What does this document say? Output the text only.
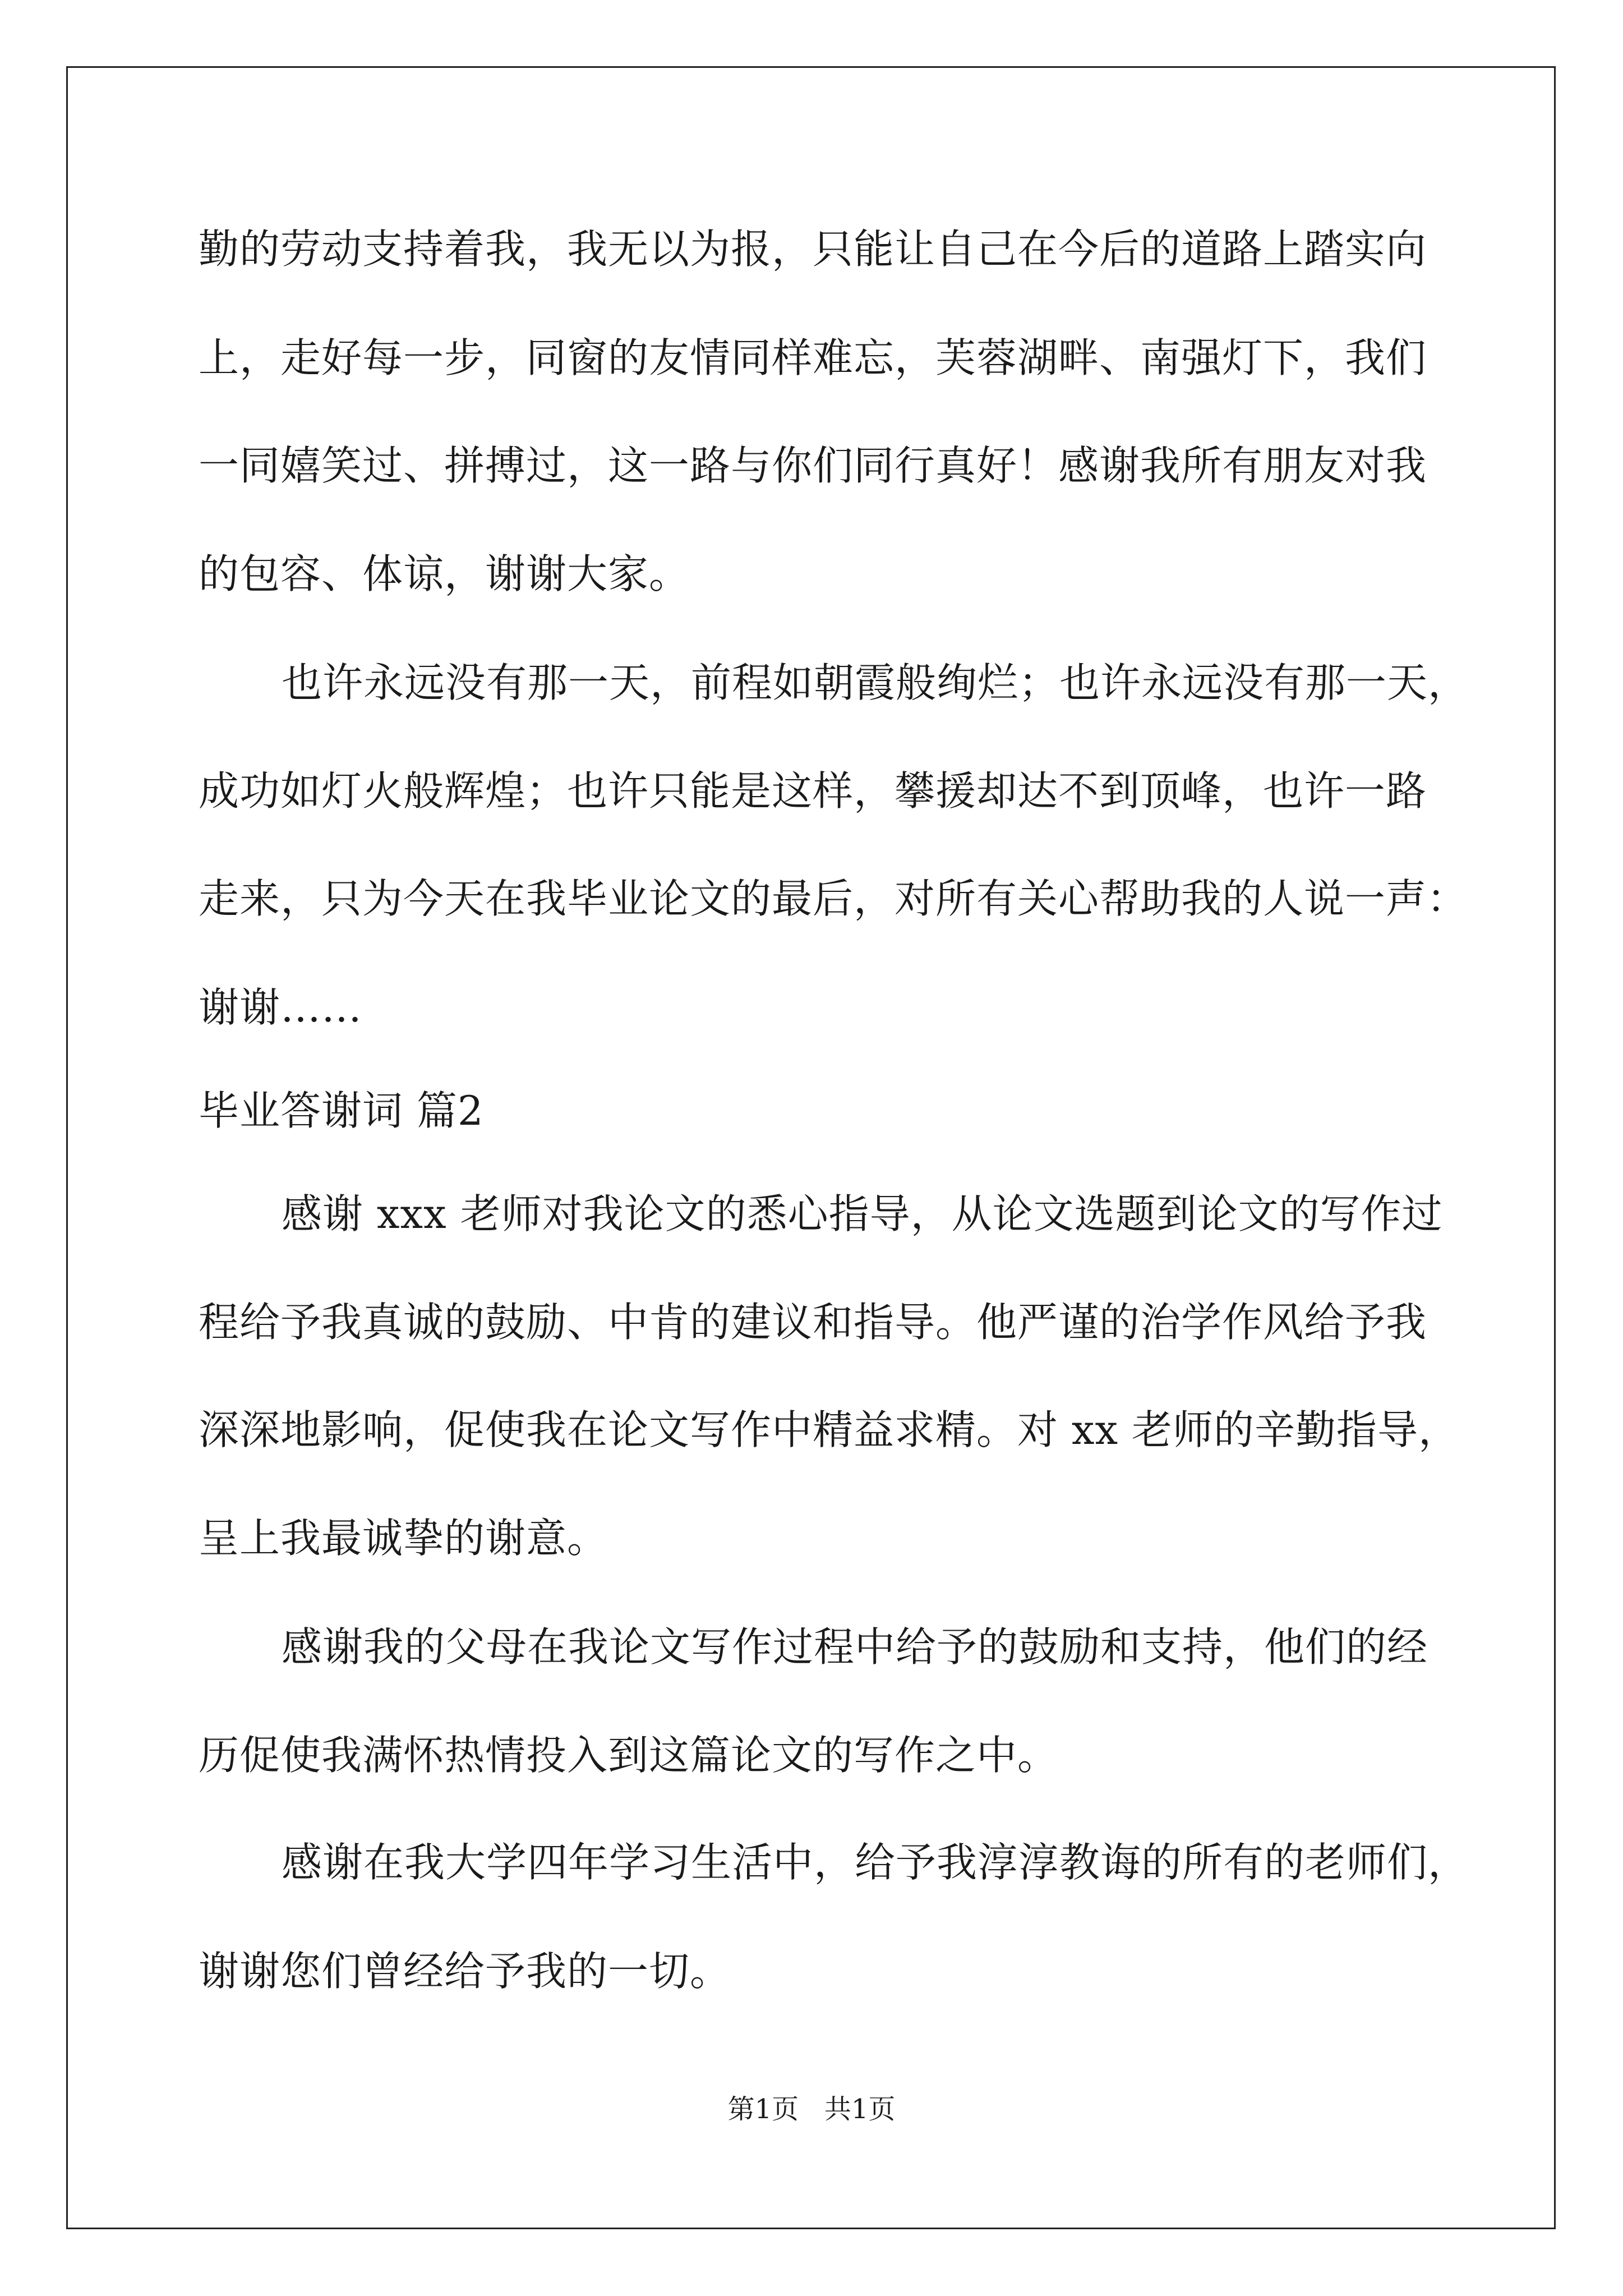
勤的劳动支持着我，我无以为报，只能让自己在今后的道路上踏实向
上，走好每一步，同窗的友情同样难忘，芙蓉湖畔、南强灯下，我们
一同嬉笑过、拼搏过，这一路与你们同行真好！感谢我所有朋友对我
的包容、体谅，谢谢大家。
也许永远没有那一天，前程如朝霞般绚烂；也许永远没有那一天，
成功如灯火般辉煌；也许只能是这样，攀援却达不到顶峰，也许一路
走来，只为今天在我毕业论文的最后，对所有关心帮助我的人说一声：
谢谢……
毕业答谢词 篇2
感谢 xxx 老师对我论文的悉心指导，从论文选题到论文的写作过
程给予我真诚的鼓励、中肯的建议和指导。他严谨的治学作风给予我
深深地影响，促使我在论文写作中精益求精。对 xx 老师的辛勤指导，
呈上我最诚挚的谢意。
感谢我的父母在我论文写作过程中给予的鼓励和支持，他们的经
历促使我满怀热情投入到这篇论文的写作之中。
感谢在我大学四年学习生活中，给予我淳淳教诲的所有的老师们，
谢谢您们曾经给予我的一切。
第1页   共1页
